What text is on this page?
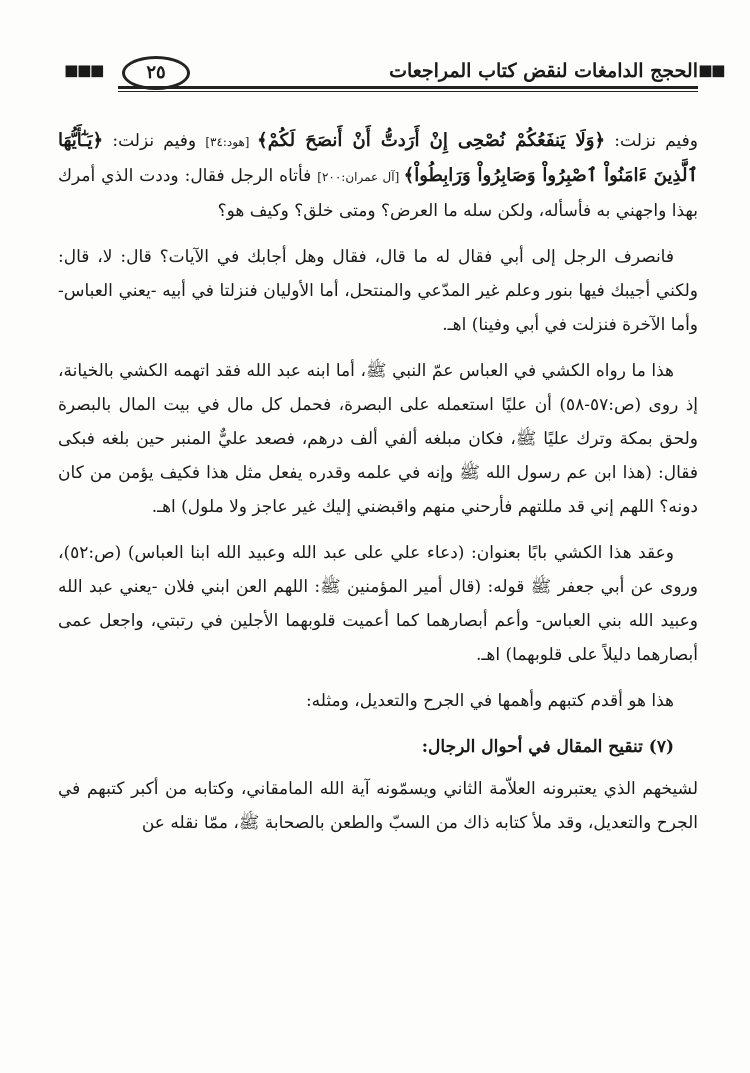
◼◼
الحجج الدامغات لنقض كتاب المراجعات
٢٥
◼◼◼

وفيم نزلت: ﴿وَلَا يَنفَعُكُمْ نُصْحِى إِنْ أَرَدتُّ أَنْ أَنصَحَ لَكُمْ﴾ [هود:٣٤] وفيم نزلت: ﴿يَـٰٓأَيُّهَا ٱلَّذِينَ ءَامَنُواْ ٱصْبِرُواْ وَصَابِرُواْ وَرَابِطُواْ﴾ [آل عمران:٢٠٠] فأتاه الرجل فقال: وددت الذي أمرك بهذا واجهني به فأسأله، ولكن سله ما العرض؟ ومتى خلق؟ وكيف هو؟

فانصرف الرجل إلى أبي فقال له ما قال، فقال وهل أجابك في الآيات؟ قال: لا، قال: ولكني أجيبك فيها بنور وعلم غير المدّعي والمنتحل، أما الأوليان فنزلتا في أبيه -يعني العباس- وأما الآخرة فنزلت في أبي وفينا) اهـ.

هذا ما رواه الكشي في العباس عمّ النبي ﷺ، أما ابنه عبد الله فقد اتهمه الكشي بالخيانة، إذ روى (ص:٥٧-٥٨) أن عليًا استعمله على البصرة، فحمل كل مال في بيت المال بالبصرة ولحق بمكة وترك عليًا ﷺ، فكان مبلغه ألفي ألف درهم، فصعد عليٌّ المنبر حين بلغه فبكى فقال: (هذا ابن عم رسول الله ﷺ وإنه في علمه وقدره يفعل مثل هذا فكيف يؤمن من كان دونه؟ اللهم إني قد مللتهم فأرحني منهم واقبضني إليك غير عاجز ولا ملول) اهـ.

وعقد هذا الكشي بابًا بعنوان: (دعاء علي على عبد الله وعبيد الله ابنا العباس) (ص:٥٢)، وروى عن أبي جعفر ﷺ قوله: (قال أمير المؤمنين ﷺ: اللهم العن ابني فلان -يعني عبد الله وعبيد الله بني العباس- وأعم أبصارهما كما أعميت قلوبهما الأجلين في رتبتي، واجعل عمى أبصارهما دليلاً على قلوبهما) اهـ.

هذا هو أقدم كتبهم وأهمها في الجرح والتعديل، ومثله:

(٧) تنقيح المقال في أحوال الرجال:

لشيخهم الذي يعتبرونه العلاّمة الثاني ويسمّونه آية الله المامقاني، وكتابه من أكبر كتبهم في الجرح والتعديل، وقد ملأ كتابه ذاك من السبّ والطعن بالصحابة ﷺ، ممّا نقله عن
